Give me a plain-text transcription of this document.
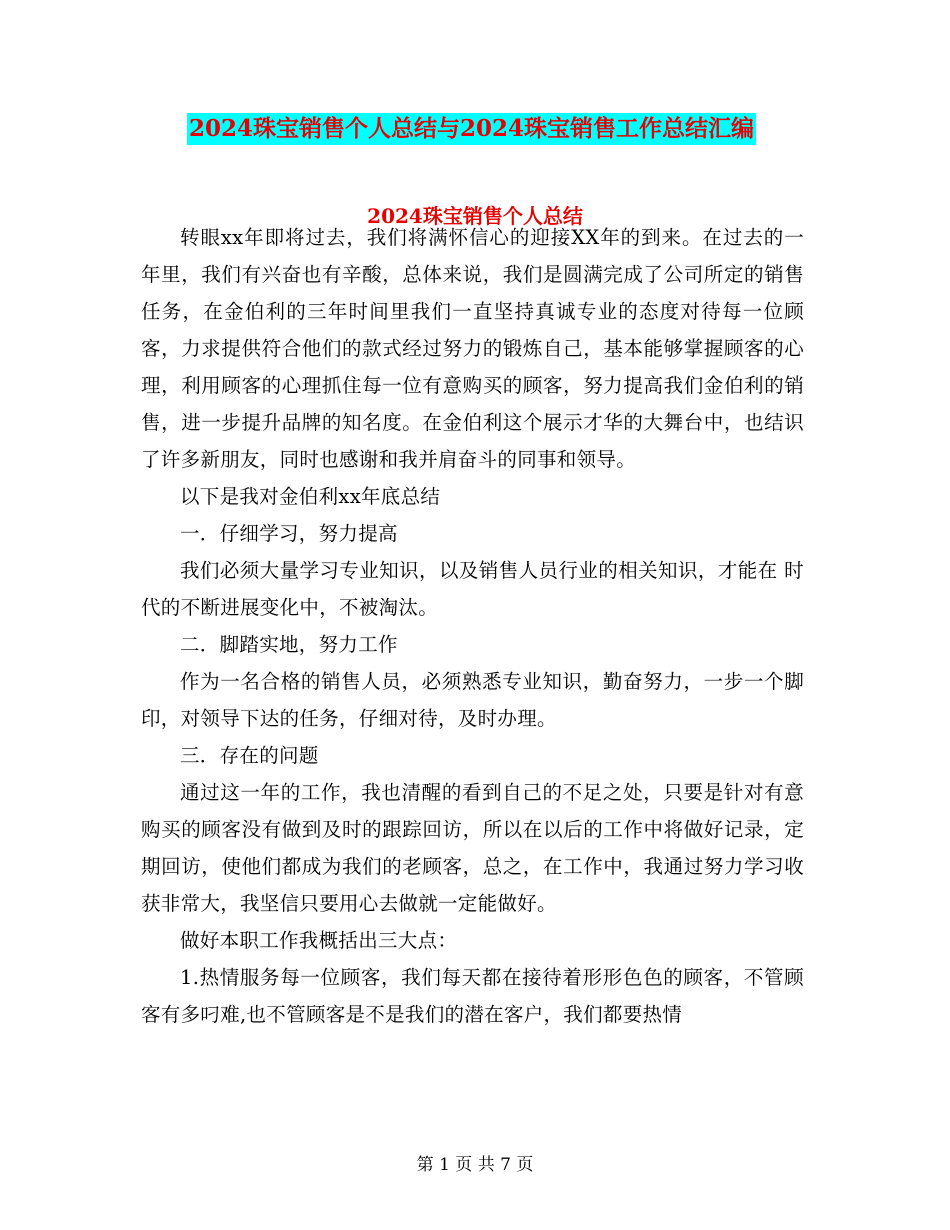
2024珠宝销售个人总结与2024珠宝销售工作总结汇编
2024珠宝销售个人总结

转眼xx年即将过去，我们将满怀信心的迎接XX年的到来。在过去的一年里，我们有兴奋也有辛酸，总体来说，我们是圆满完成了公司所定的销售任务，在金伯利的三年时间里我们一直坚持真诚专业的态度对待每一位顾客，力求提供符合他们的款式经过努力的锻炼自己，基本能够掌握顾客的心理，利用顾客的心理抓住每一位有意购买的顾客，努力提高我们金伯利的销售，进一步提升品牌的知名度。在金伯利这个展示才华的大舞台中，也结识了许多新朋友，同时也感谢和我并肩奋斗的同事和领导。

以下是我对金伯利xx年底总结

一．仔细学习，努力提高

我们必须大量学习专业知识，以及销售人员行业的相关知识，才能在 时代的不断进展变化中，不被淘汰。

二．脚踏实地，努力工作

作为一名合格的销售人员，必须熟悉专业知识，勤奋努力，一步一个脚印，对领导下达的任务，仔细对待，及时办理。

三．存在的问题

通过这一年的工作，我也清醒的看到自己的不足之处，只要是针对有意购买的顾客没有做到及时的跟踪回访，所以在以后的工作中将做好记录，定期回访，使他们都成为我们的老顾客，总之，在工作中，我通过努力学习收获非常大，我坚信只要用心去做就一定能做好。

做好本职工作我概括出三大点：

1.热情服务每一位顾客，我们每天都在接待着形形色色的顾客，不管顾客有多叼难,也不管顾客是不是我们的潜在客户，我们都要热情

第 1 页 共 7 页
